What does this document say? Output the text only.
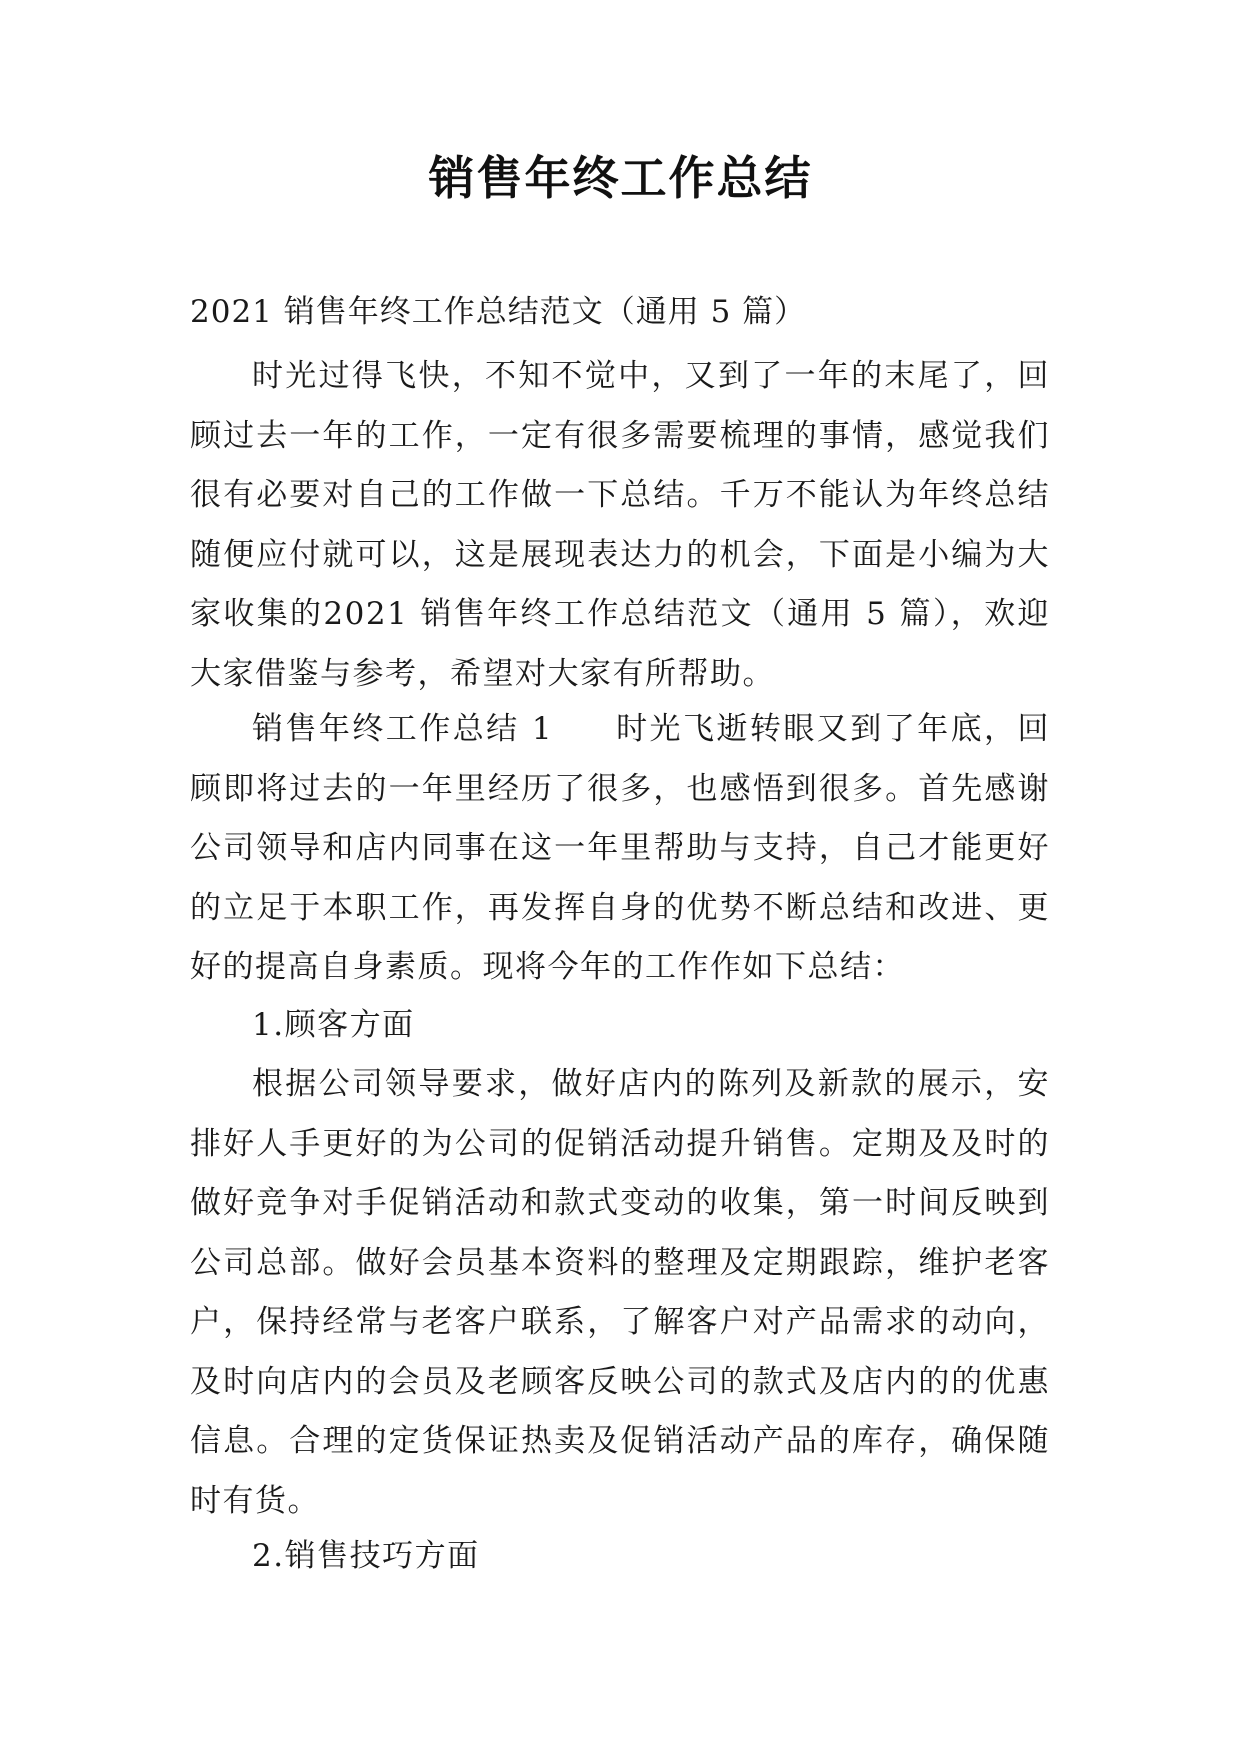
销售年终工作总结
2021 销售年终工作总结范文（通用 5 篇）

时光过得飞快，不知不觉中，又到了一年的末尾了，回顾过去一年的工作，一定有很多需要梳理的事情，感觉我们很有必要对自己的工作做一下总结。千万不能认为年终总结随便应付就可以，这是展现表达力的机会，下面是小编为大家收集的2021 销售年终工作总结范文（通用 5 篇），欢迎大家借鉴与参考，希望对大家有所帮助。

销售年终工作总结 1 时光飞逝转眼又到了年底，回顾即将过去的一年里经历了很多，也感悟到很多。首先感谢公司领导和店内同事在这一年里帮助与支持，自己才能更好的立足于本职工作，再发挥自身的优势不断总结和改进、更好的提高自身素质。现将今年的工作作如下总结：

1.顾客方面

根据公司领导要求，做好店内的陈列及新款的展示，安排好人手更好的为公司的促销活动提升销售。定期及及时的做好竞争对手促销活动和款式变动的收集，第一时间反映到公司总部。做好会员基本资料的整理及定期跟踪，维护老客户，保持经常与老客户联系，了解客户对产品需求的动向，及时向店内的会员及老顾客反映公司的款式及店内的的优惠信息。合理的定货保证热卖及促销活动产品的库存，确保随时有货。

2.销售技巧方面
